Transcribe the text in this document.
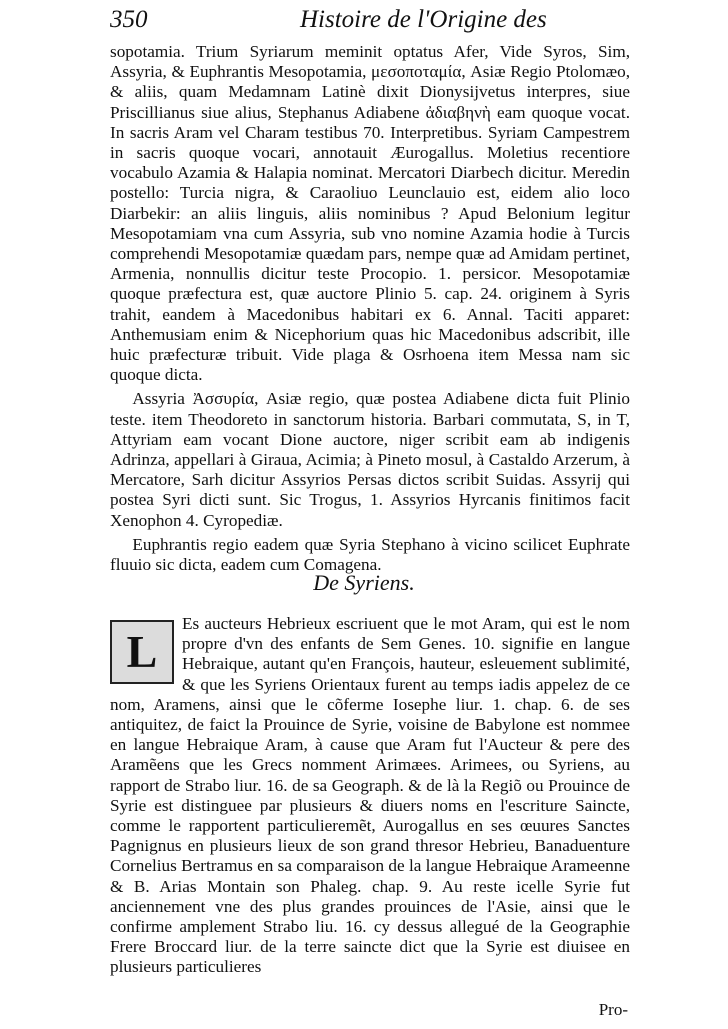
350	Histoire de l'Origine des

sopotamia. Trium Syriarum meminit optatus Afer, Vide Syros, Sim, Assyria, & Euphrantis Mesopotamia, μεσοποταμία, Asiæ Regio Ptolomæo, & aliis, quam Medamnam Latinè dixit Dionysijvetus interpres, siue Priscillianus siue alius, Stephanus Adiabene ἀδιαβηνὴ eam quoque vocat. In sacris Aram vel Charam testibus 70. Interpretibus. Syriam Campestrem in sacris quoque vocari, annotauit Æurogallus. Moletius recentiore vocabulo Azamia & Halapia nominat. Mercatori Diarbech dicitur. Meredin postello: Turcia nigra, & Caraoliuo Leunclauio est, eidem alio loco Diarbekir: an aliis linguis, aliis nominibus ? Apud Belonium legitur Mesopotamiam vna cum Assyria, sub vno nomine Azamia hodie à Turcis comprehendi Mesopotamiæ quædam pars, nempe quæ ad Amidam pertinet, Armenia, nonnullis dicitur teste Procopio. 1. persicor. Mesopotamiæ quoque præfectura est, quæ auctore Plinio 5. cap. 24. originem à Syris trahit, eandem à Macedonibus habitari ex 6. Annal. Taciti apparet: Anthemusiam enim & Nicephorium quas hic Macedonibus adscribit, ille huic præfecturæ tribuit. Vide plaga & Osrhoena item Messa nam sic quoque dicta.

Assyria Ἀσσυρία, Asiæ regio, quæ postea Adiabene dicta fuit Plinio teste. item Theodoreto in sanctorum historia. Barbari commutata, S, in T, Attyriam eam vocant Dione auctore, niger scribit eam ab indigenis Adrinza, appellari à Giraua, Acimia; à Pineto mosul, à Castaldo Arzerum, à Mercatore, Sarh dicitur Assyrios Persas dictos scribit Suidas. Assyrij qui postea Syri dicti sunt. Sic Trogus, 1. Assyrios Hyrcanis finitimos facit Xenophon 4. Cyropediæ.

Euphrantis regio eadem quæ Syria Stephano à vicino scilicet Euphrate fluuio sic dicta, eadem cum Comagena.

De Syriens.
L
Es aucteurs Hebrieux escriuent que le mot Aram, qui est le nom propre d'vn des enfants de Sem Genes. 10. signifie en langue Hebraique, autant qu'en François, hauteur, esleuement sublimité, & que les Syriens Orientaux furent au temps iadis appelez de ce nom, Aramens, ainsi que le cõferme Iosephe liur. 1. chap. 6. de ses antiquitez, de faict la Prouince de Syrie, voisine de Babylone est nommee en langue Hebraique Aram, à cause que Aram fut l'Aucteur & pere des Aramẽens que les Grecs nomment Arimæes. Arimees, ou Syriens, au rapport de Strabo liur. 16. de sa Geograph. & de là la Regiõ ou Prouince de Syrie est distinguee par plusieurs & diuers noms en l'escriture Saincte, comme le rapportent particulieremẽt, Aurogallus en ses œuures Sanctes Pagnignus en plusieurs lieux de son grand thresor Hebrieu, Banaduenture Cornelius Bertramus en sa comparaison de la langue Hebraique Arameenne & B. Arias Montain son Phaleg. chap. 9. Au reste icelle Syrie fut anciennement vne des plus grandes prouinces de l'Asie, ainsi que le confirme amplement Strabo liu. 16. cy dessus allegué de la Geographie Frere Broccard liur. de la terre saincte dict que la Syrie est diuisee en plusieurs particulieres
Pro-
